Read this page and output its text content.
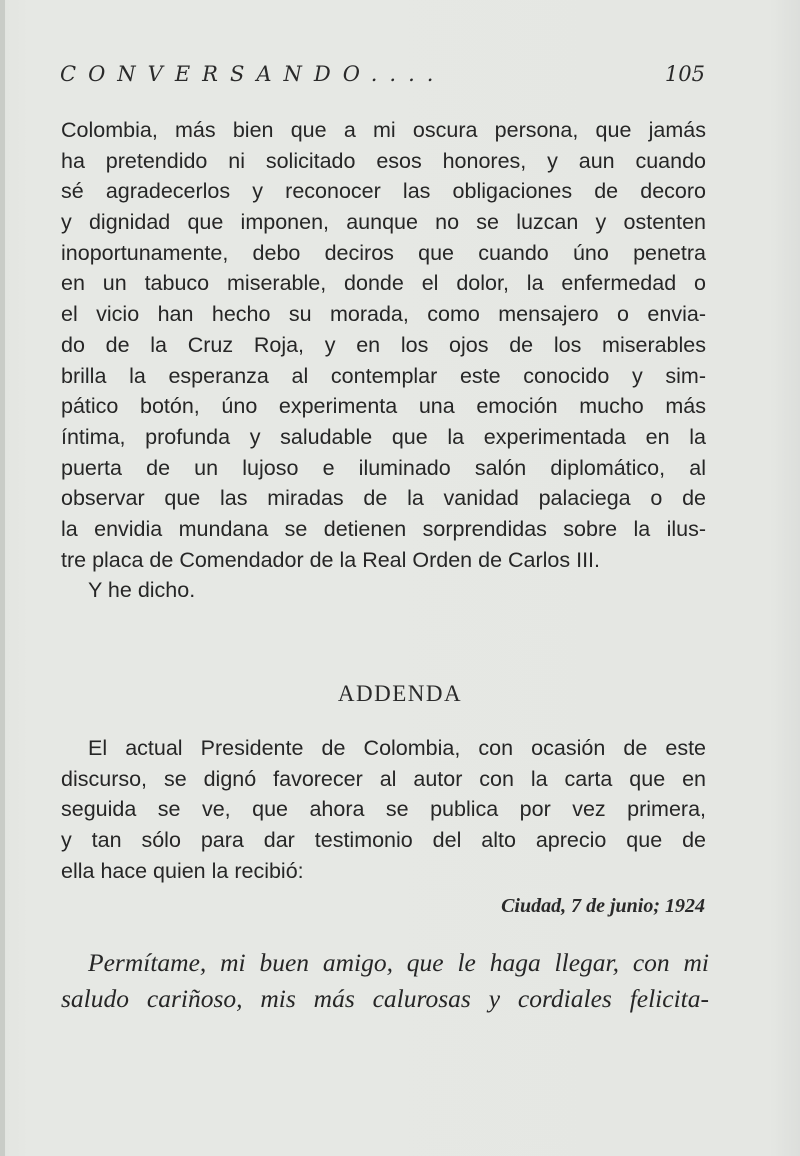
CONVERSANDO....	105
Colombia, más bien que a mi oscura persona, que jamás
ha pretendido ni solicitado esos honores, y aun cuando
sé agradecerlos y reconocer las obligaciones de decoro
y dignidad que imponen, aunque no se luzcan y ostenten
inoportunamente, debo deciros que cuando úno penetra
en un tabuco miserable, donde el dolor, la enfermedad o
el vicio han hecho su morada, como mensajero o envia-
do de la Cruz Roja, y en los ojos de los miserables
brilla la esperanza al contemplar este conocido y sim-
pático botón, úno experimenta una emoción mucho más
íntima, profunda y saludable que la experimentada en la
puerta de un lujoso e iluminado salón diplomático, al
observar que las miradas de la vanidad palaciega o de
la envidia mundana se detienen sorprendidas sobre la ilus-
tre placa de Comendador de la Real Orden de Carlos III.
Y he dicho.
ADDENDA
El actual Presidente de Colombia, con ocasión de este
discurso, se dignó favorecer al autor con la carta que en
seguida se ve, que ahora se publica por vez primera,
y tan sólo para dar testimonio del alto aprecio que de
ella hace quien la recibió:
Ciudad, 7 de junio; 1924
Permítame, mi buen amigo, que le haga llegar, con mi
saludo cariñoso, mis más calurosas y cordiales felicita-
